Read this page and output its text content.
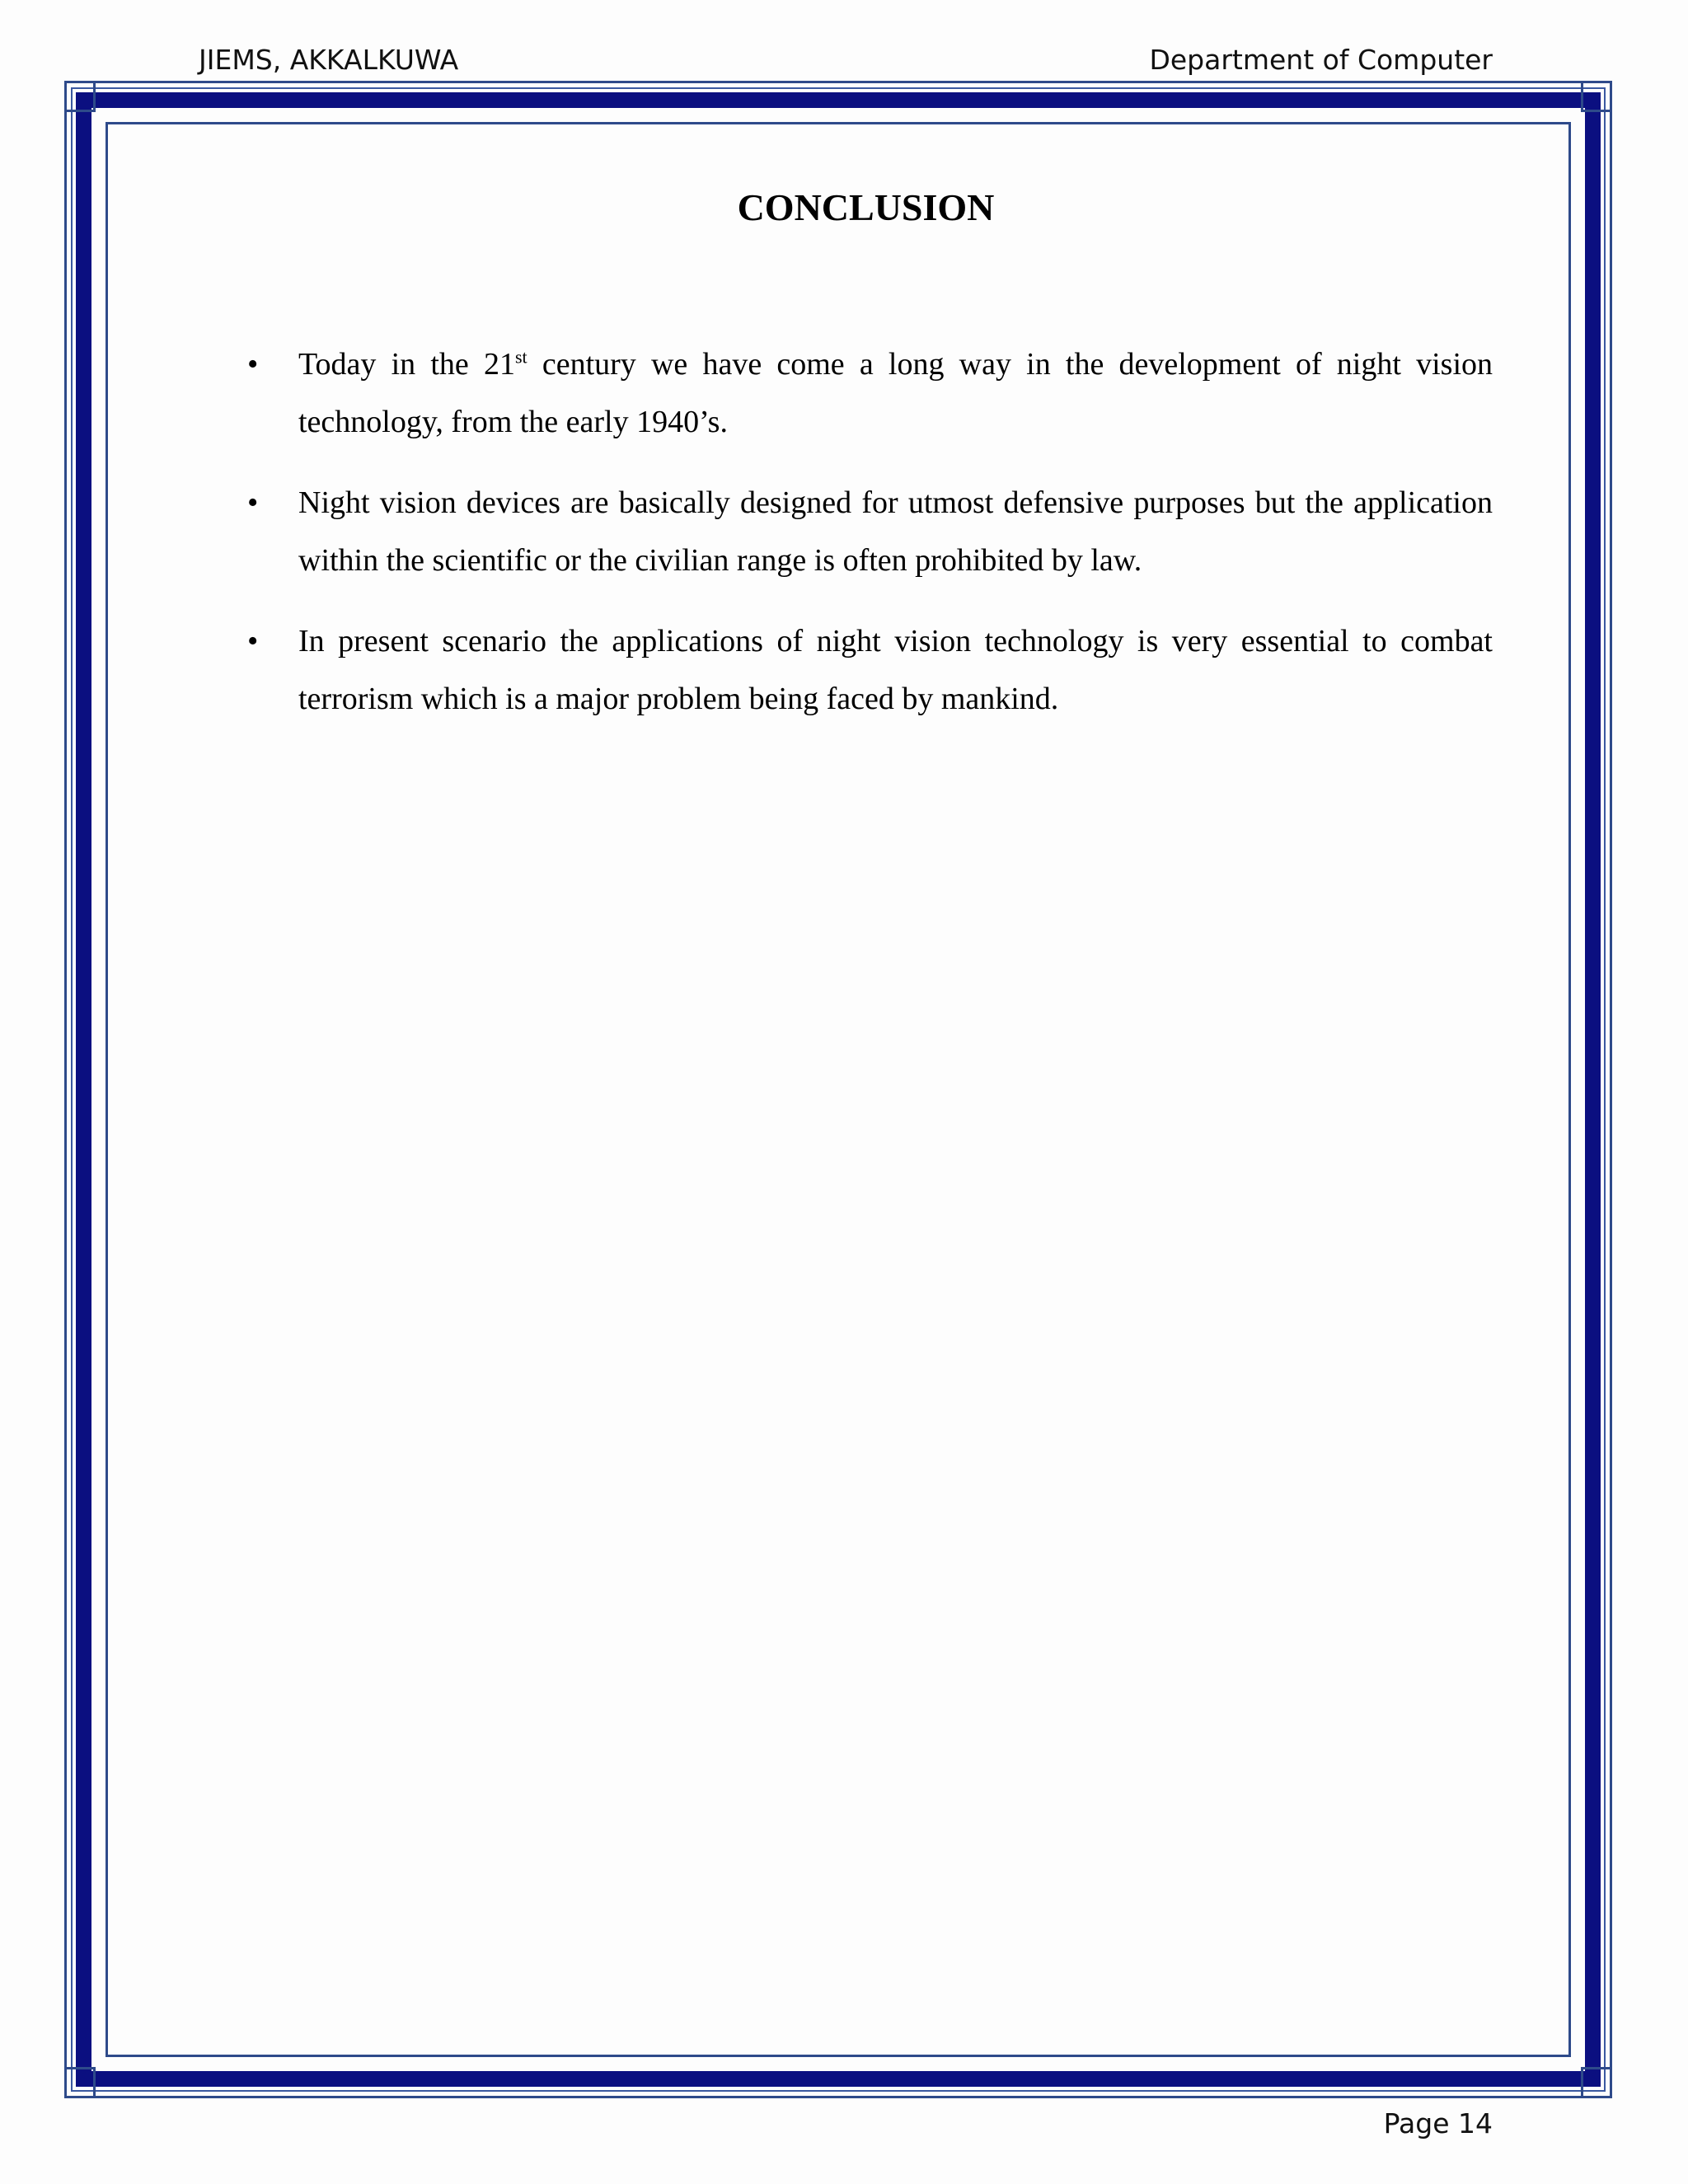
JIEMS, AKKALKUWA	Department of Computer
CONCLUSION
• Today in the 21st century we have come a long way in the development of night vision technology, from the early 1940’s.
• Night vision devices are basically designed for utmost defensive purposes but the application within the scientific or the civilian range is often prohibited by law.
• In present scenario the applications of night vision technology is very essential to combat terrorism which is a major problem being faced by mankind.
Page 14
